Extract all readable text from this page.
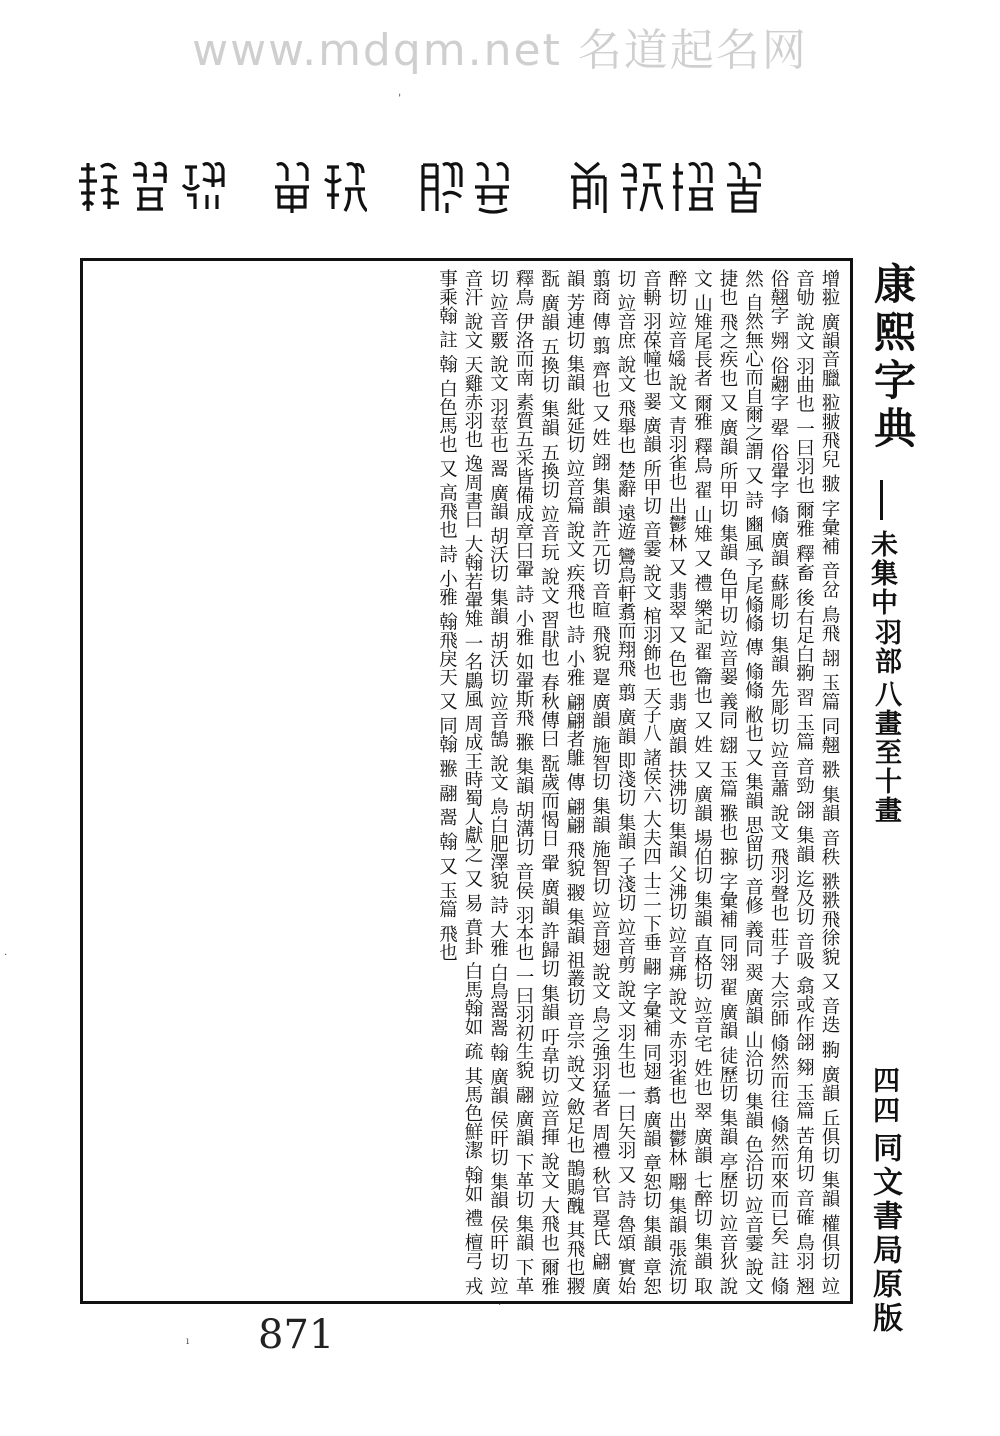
www.mdqm.net 名道起名网
ˌ
增翋 廣韻音臘 翋翍飛兒 翍 字彙補 音岔 鳥飛 翓 玉篇 同翹 翐 集韻 音秩 翐翐飛徐貌 又 音迭 翑 廣韻 丘俱切 集韻 權俱切 竝音劬 說文 羽曲也 一曰羽也 爾雅 釋畜 後右足白翑 習 玉篇 音勁 翖 集韻 迄及切 音吸 翕或作翖 翗 玉篇 苦角切 音確 鳥羽 翘 俗翹字 翙 俗翽字 翚 俗翬字 翛 廣韻 蘇彫切 集韻 先彫切 竝音蕭 說文 飛羽聲也 莊子 大宗師 翛然而往 翛然而來而已矣 註 翛然 自然無心而自爾之謂 又 詩 豳風 予尾翛翛 傳 翛翛 敝也 又 集韻 思留切 音修 義同 翜 廣韻 山洽切 集韻 色洽切 竝音霎 說文 捷也 飛之疾也 又 廣韻 所甲切 集韻 色甲切 竝音翣 義同 翝 玉篇 翭也 翞 字彙補 同翎 翟 廣韻 徒歷切 集韻 亭歷切 竝音狄 說文 山雉尾長者 爾雅 釋鳥 翟 山雉 又 禮 樂記 翟 籥也 又 姓 又 廣韻 場伯切 集韻 直格切 竝音宅 姓也 翠 廣韻 七醉切 集韻 取醉切 竝音𡡗 說文 青羽雀也 出鬱林 又 翡翠 又 色也 翡 廣韻 扶沸切 集韻 父沸切 竝音疿 說文 赤羽雀也 出鬱林 翢 集韻 張流切 音輈 羽葆幢也 翣 廣韻 所甲切 音霎 說文 棺羽飾也 天子八 諸侯六 大夫四 士二 下垂 翤 字彙補 同翅 翥 廣韻 章恕切 集韻 章恕切 竝音庶 說文 飛舉也 楚辭 遠遊 鸞鳥軒翥而翔飛 翦 廣韻 即淺切 集韻 子淺切 竝音剪 說文 羽生也 一曰矢羽 又 詩 魯頌 實始翦商 傳 翦 齊也 又 姓 翧 集韻 許元切 音暄 飛貌 翨 廣韻 施智切 集韻 施智切 竝音翅 說文 鳥之強羽猛者 周禮 秋官 翨氏 翩 廣韻 芳連切 集韻 紕延切 竝音篇 說文 疾飛也 詩 小雅 翩翩者鵻 傳 翩翩 飛貌 翪 集韻 祖叢切 音宗 說文 斂足也 鵲鵙醜 其飛也翪 翫 廣韻 五換切 集韻 五換切 竝音玩 說文 習猒也 春秋傳曰 翫歲而愒日 翬 廣韻 許歸切 集韻 吁韋切 竝音揮 說文 大飛也 爾雅 釋鳥 伊洛而南 素質五采皆備成章曰翬 詩 小雅 如翬斯飛 翭 集韻 胡溝切 音侯 羽本也 一曰羽初生貌 翮 廣韻 下革切 集韻 下革切 竝音覈 說文 羽莖也 翯 廣韻 胡沃切 集韻 胡沃切 竝音鵠 說文 鳥白肥澤貌 詩 大雅 白鳥翯翯 翰 廣韻 侯旰切 集韻 侯旰切 竝音汗 說文 天雞赤羽也 逸周書曰 大翰若翬雉 一名鷐風 周成王時蜀人獻之 又 易 賁卦 白馬翰如 疏 其馬色鮮潔 翰如 禮 檀弓 戎事乘翰 註 翰 白色馬也 又 高飛也 詩 小雅 翰飛戾天 又 同翰 翭 翮 翯 翰 又 玉篇 飛也	康熙字典
未集中
羽部
八畫至十畫
四四
同文書局原版
871
·
·
ı
